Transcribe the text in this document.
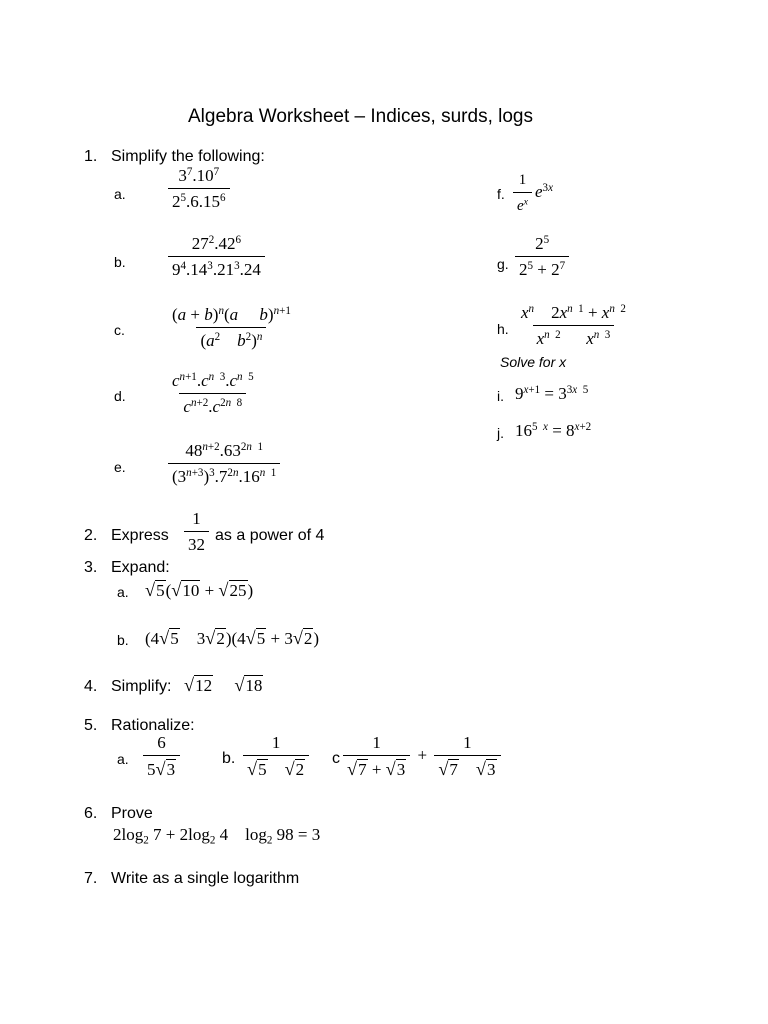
Algebra Worksheet – Indices, surds, logs
1. Simplify the following:
a. $\frac{3^7.10^7}{2^5.6.15^6}$
b. $\frac{27^2.42^6}{9^4.14^3.21^3.24}$
c.	$\frac{(a + b)^n(a b)^{n+1}}{(a^2 b^2)^n}$
d. $\frac{c^{n+1}.c^{n 3}.c^{n 5}}{c^{n+2}.c^{2n 8}}$
e. $\frac{48^{n+2}.63^{2n 1}}{(3^{n+3})^3.7^{2n}.16^{n 1}}$
f. $\frac{1}{e^x} e^{3x}$
g. $\frac{2^5}{2^5 + 2^7}$
h. $\frac{x^n 2x^{n 1} + x^{n 2}}{x^{n 2} x^{n 3}}$
Solve for x
i. $9^{x+1} = 3^{3x 5}$
j. $16^{5 x} = 8^{x+2}$
2. Express $\frac{1}{32}$ as a power of 4
3. Expand:
a. √5(√10 + √25)
b. (4√5    3√2)(4√5 + 3√2)
4. Simplify: √12 √18
5. Rationalize:
a. $\frac{6}{5√3}$	b. $\frac{1}{√5 √2}$ c $\frac{1}{√7 + √3} + \frac{1}{√7 √3}$
6. Prove
$2\log_2$ $7 + 2\log_2$ 4    $\log_2 98 = 3$
7. Write as a single logarithm
